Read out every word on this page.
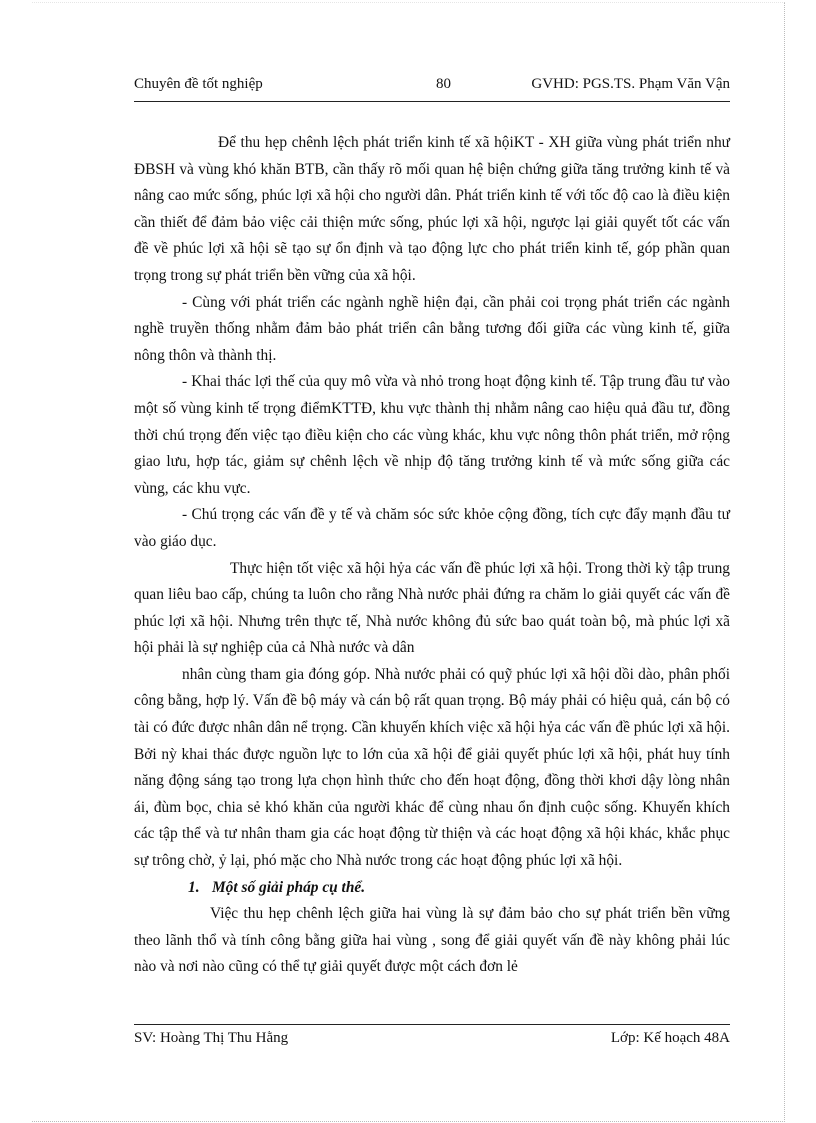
Chuyên đề tốt nghiệp	80	GVHD: PGS.TS. Phạm Văn Vận

Để thu hẹp chênh lệch phát triển kinh tế xã hộiKT - XH giữa vùng phát triển như ĐBSH và vùng khó khăn BTB, cần thấy rõ mối quan hệ biện chứng giữa tăng trưởng kinh tế và nâng cao mức sống, phúc lợi xã hội cho người dân. Phát triển kinh tế với tốc độ cao là điều kiện cần thiết để đảm bảo việc cải thiện mức sống, phúc lợi xã hội, ngược lại giải quyết tốt các vấn đề về phúc lợi xã hội sẽ tạo sự ổn định và tạo động lực cho phát triển kinh tế, góp phần quan trọng trong sự phát triển bền vững của xã hội.

- Cùng với phát triển các ngành nghề hiện đại, cần phải coi trọng phát triển các ngành nghề truyền thống nhằm đảm bảo phát triển cân bằng tương đối giữa các vùng kinh tế, giữa nông thôn và thành thị.

- Khai thác lợi thế của quy mô vừa và nhỏ trong hoạt động kinh tế. Tập trung đầu tư vào một số vùng kinh tế trọng điểmKTTĐ, khu vực thành thị nhằm nâng cao hiệu quả đầu tư, đồng thời chú trọng đến việc tạo điều kiện cho các vùng khác, khu vực nông thôn phát triển, mở rộng giao lưu, hợp tác, giảm sự chênh lệch về nhịp độ tăng trưởng kinh tế và mức sống giữa các vùng, các khu vực.

- Chú trọng các vấn đề y tế và chăm sóc sức khỏe cộng đồng, tích cực đẩy mạnh đầu tư vào giáo dục.

Thực hiện tốt việc xã hội hỷa các vấn đề phúc lợi xã hội. Trong thời kỳ tập trung quan liêu bao cấp, chúng ta luôn cho rằng Nhà nước phải đứng ra chăm lo giải quyết các vấn đề phúc lợi xã hội. Nhưng trên thực tế, Nhà nước không đủ sức bao quát toàn bộ, mà phúc lợi xã hội phải là sự nghiệp của cả Nhà nước và dân

nhân cùng tham gia đóng góp. Nhà nước phải có quỹ phúc lợi xã hội dồi dào, phân phối công bằng, hợp lý. Vấn đề bộ máy và cán bộ rất quan trọng. Bộ máy phải có hiệu quả, cán bộ có tài có đức được nhân dân nể trọng. Cần khuyến khích việc xã hội hỷa các vấn đề phúc lợi xã hội. Bởi nỳ khai thác được nguồn lực to lớn của xã hội để giải quyết phúc lợi xã hội, phát huy tính năng động sáng tạo trong lựa chọn hình thức cho đến hoạt động, đồng thời khơi dậy lòng nhân ái, đùm bọc, chia sẻ khó khăn của người khác để cùng nhau ổn định cuộc sống. Khuyến khích các tập thể và tư nhân tham gia các hoạt động từ thiện và các hoạt động xã hội khác, khắc phục sự trông chờ, ỷ lại, phó mặc cho Nhà nước trong các hoạt động phúc lợi xã hội.

1. Một số giải pháp cụ thể.

Việc thu hẹp chênh lệch giữa hai vùng là sự đảm bảo cho sự phát triển bền vững theo lãnh thổ và tính công bằng giữa hai vùng , song để giải quyết vấn đề này không phải lúc nào và nơi nào cũng có thể tự giải quyết được một cách đơn lẻ

SV: Hoàng Thị Thu Hằng	Lớp: Kế hoạch 48A
